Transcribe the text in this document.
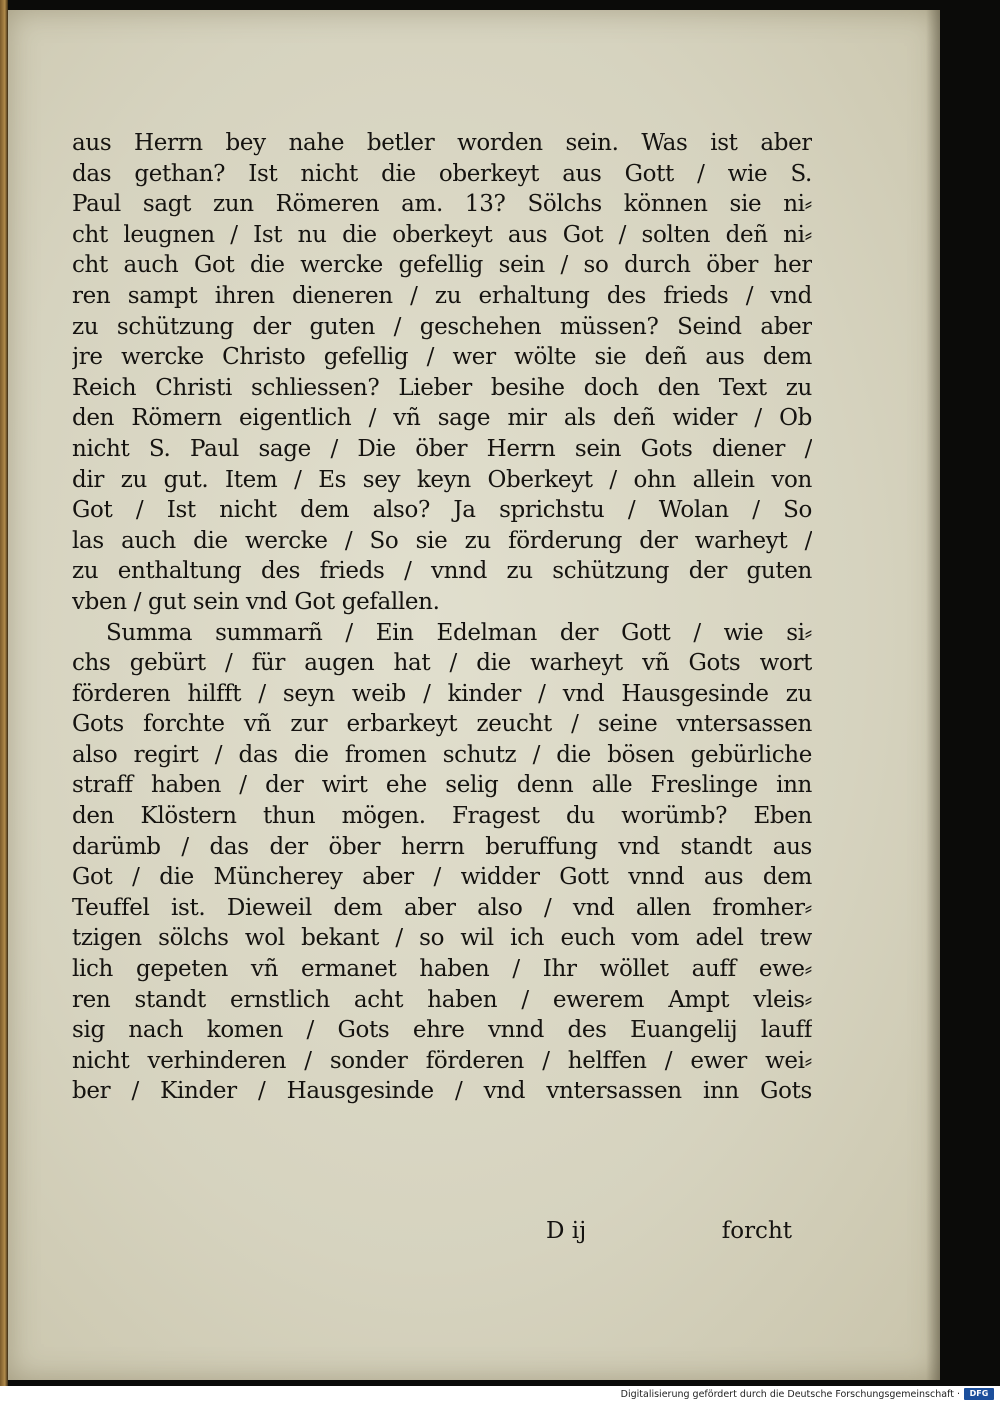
aus Herrn bey nahe betler worden sein. Was ist aber
das gethan? Ist nicht die oberkeyt aus Gott / wie S.
Paul sagt zun Römeren am. 13? Sölchs können sie ni⸗
cht leugnen / Ist nu die oberkeyt aus Got / solten deñ ni⸗
cht auch Got die wercke gefellig sein / so durch öber her
ren sampt ihren dieneren / zu erhaltung des frieds / vnd
zu schützung der guten / geschehen müssen? Seind aber
jre wercke Christo gefellig / wer wölte sie deñ aus dem
Reich Christi schliessen? Lieber besihe doch den Text zu
den Römern eigentlich / vñ sage mir als deñ wider / Ob
nicht S. Paul sage / Die öber Herrn sein Gots diener /
dir zu gut. Item / Es sey keyn Oberkeyt / ohn allein von
Got / Ist nicht dem also? Ja sprichstu / Wolan / So
las auch die wercke / So sie zu förderung der warheyt /
zu enthaltung des frieds / vnnd zu schützung der guten
vben / gut sein vnd Got gefallen.
Summa summarñ / Ein Edelman der Gott / wie si⸗
chs gebürt / für augen hat / die warheyt vñ Gots wort
förderen hilfft / seyn weib / kinder / vnd Hausgesinde zu
Gots forchte vñ zur erbarkeyt zeucht / seine vntersassen
also regirt / das die fromen schutz / die bösen gebürliche
straff haben / der wirt ehe selig denn alle Freslinge inn
den Klöstern thun mögen. Fragest du worümb? Eben
darümb / das der öber herrn beruffung vnd standt aus
Got / die Müncherey aber / widder Gott vnnd aus dem
Teuffel ist. Dieweil dem aber also / vnd allen fromher⸗
tzigen sölchs wol bekant / so wil ich euch vom adel trew
lich gepeten vñ ermanet haben / Ihr wöllet auff ewe⸗
ren standt ernstlich acht haben / ewerem Ampt vleis⸗
sig nach komen / Gots ehre vnnd des Euangelij lauff
nicht verhinderen / sonder förderen / helffen / ewer wei⸗
ber / Kinder / Hausgesinde / vnd vntersassen inn Gots
D ij	forcht
Digitalisierung gefördert durch die Deutsche Forschungsgemeinschaft ·	DFG
